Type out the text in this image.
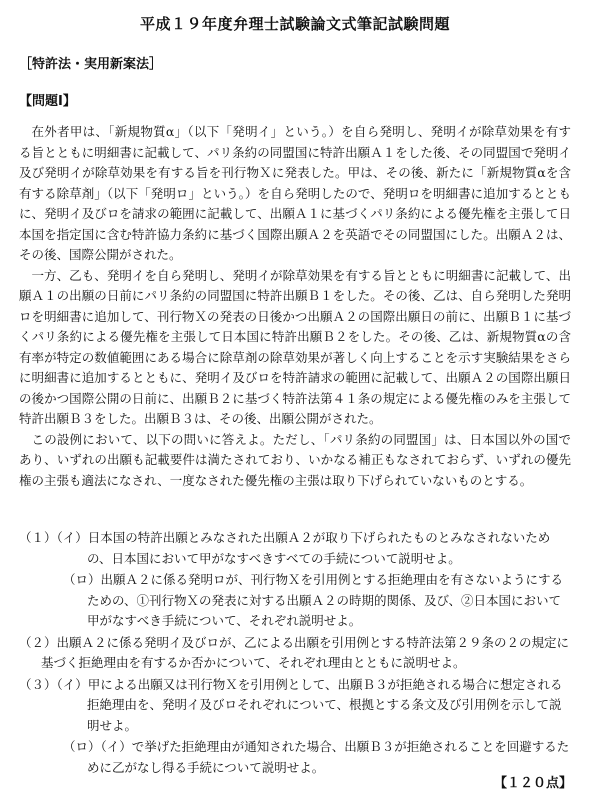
平成１９年度弁理士試験論文式筆記試験問題
［特許法・実用新案法］
【問題Ⅰ】

在外者甲は、「新規物質α」（以下「発明イ」という。）を自ら発明し、発明イが除草効果を有する旨とともに明細書に記載して、パリ条約の同盟国に特許出願Ａ１をした後、その同盟国で発明イ及び発明イが除草効果を有する旨を刊行物Ｘに発表した。甲は、その後、新たに「新規物質αを含有する除草剤」（以下「発明ロ」という。）を自ら発明したので、発明ロを明細書に追加するとともに、発明イ及びロを請求の範囲に記載して、出願Ａ１に基づくパリ条約による優先権を主張して日本国を指定国に含む特許協力条約に基づく国際出願Ａ２を英語でその同盟国にした。出願Ａ２は、その後、国際公開がされた。

一方、乙も、発明イを自ら発明し、発明イが除草効果を有する旨とともに明細書に記載して、出願Ａ１の出願の日前にパリ条約の同盟国に特許出願Ｂ１をした。その後、乙は、自ら発明した発明ロを明細書に追加して、刊行物Ｘの発表の日後かつ出願Ａ２の国際出願日の前に、出願Ｂ１に基づくパリ条約による優先権を主張して日本国に特許出願Ｂ２をした。その後、乙は、新規物質αの含有率が特定の数値範囲にある場合に除草剤の除草効果が著しく向上することを示す実験結果をさらに明細書に追加するとともに、発明イ及びロを特許請求の範囲に記載して、出願Ａ２の国際出願日の後かつ国際公開の日前に、出願Ｂ２に基づく特許法第４１条の規定による優先権のみを主張して特許出願Ｂ３をした。出願Ｂ３は、その後、出願公開がされた。

この設例において、以下の問いに答えよ。ただし、「パリ条約の同盟国」は、日本国以外の国であり、いずれの出願も記載要件は満たされており、いかなる補正もなされておらず、いずれの優先権の主張も適法になされ、一度なされた優先権の主張は取り下げられていないものとする。

（１）（イ）日本国の特許出願とみなされた出願Ａ２が取り下げられたものとみなされないための、日本国において甲がなすべきすべての手続について説明せよ。

（ロ）出願Ａ２に係る発明ロが、刊行物Ｘを引用例とする拒絶理由を有さないようにするための、①刊行物Ｘの発表に対する出願Ａ２の時期的関係、及び、②日本国において甲がなすべき手続について、それぞれ説明せよ。

（２）出願Ａ２に係る発明イ及びロが、乙による出願を引用例とする特許法第２９条の２の規定に基づく拒絶理由を有するか否かについて、それぞれ理由とともに説明せよ。

（３）（イ）甲による出願又は刊行物Ｘを引用例として、出願Ｂ３が拒絶される場合に想定される拒絶理由を、発明イ及びロそれぞれについて、根拠とする条文及び引用例を示して説明せよ。

（ロ）（イ）で挙げた拒絶理由が通知された場合、出願Ｂ３が拒絶されることを回避するために乙がなし得る手続について説明せよ。

【１２０点】
